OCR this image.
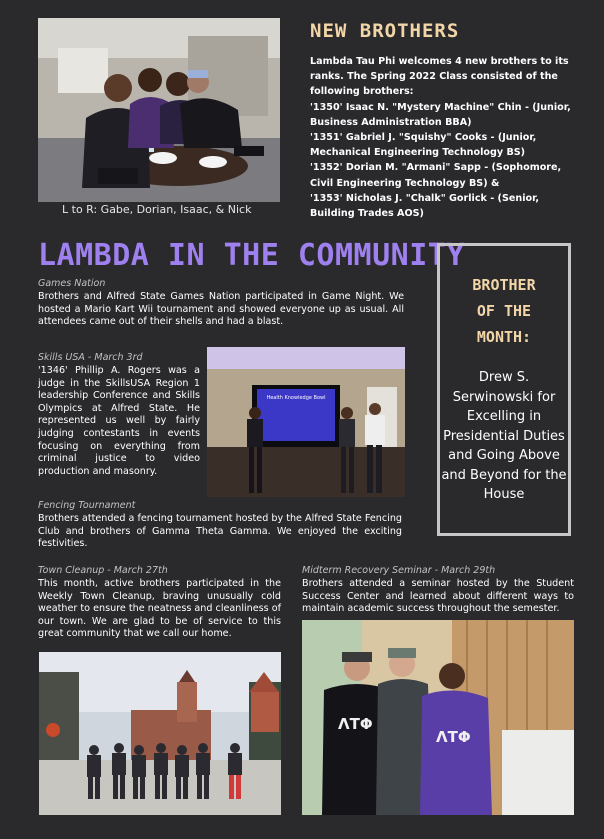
L to R: Gabe, Dorian, Isaac, & Nick
NEW BROTHERS

Lambda Tau Phi welcomes 4 new brothers to its ranks. The Spring 2022 Class consisted of the following brothers:

'1350' Isaac N. "Mystery Machine" Chin - (Junior, Business Administration BBA)

'1351' Gabriel J. "Squishy" Cooks - (Junior, Mechanical Engineering Technology BS)

'1352' Dorian M. "Armani" Sapp - (Sophomore, Civil Engineering Technology BS) &

'1353' Nicholas J. "Chalk" Gorlick - (Senior, Building Trades AOS)

LAMBDA IN THE COMMUNITY
Games Nation
Brothers and Alfred State Games Nation participated in Game Night. We hosted a Mario Kart Wii tournament and showed everyone up as usual. All attendees came out of their shells and had a blast.
Skills USA - March 3rd
'1346' Phillip A. Rogers was a judge in the SkillsUSA Region 1 leadership Conference and Skills Olympics at Alfred State. He represented us well by fairly judging contestants in events focusing on everything from criminal justice to video production and masonry.
Health Knowledge Bowl
Fencing Tournament
Brothers attended a fencing tournament hosted by the Alfred State Fencing Club and brothers of Gamma Theta Gamma. We enjoyed the exciting festivities.
BROTHER
OF THE
MONTH:
Drew S. Serwinowski for Excelling in Presidential Duties and Going Above and Beyond for the House
Town Cleanup - March 27th
This month, active brothers participated in the Weekly Town Cleanup, braving unusually cold weather to ensure the neatness and cleanliness of our town. We are glad to be of service to this great community that we call our home.
Midterm Recovery Seminar - March 29th
Brothers attended a seminar hosted by the Student Success Center and learned about different ways to maintain academic success throughout the semester.
ΛΤΦ
ΛΤΦ
